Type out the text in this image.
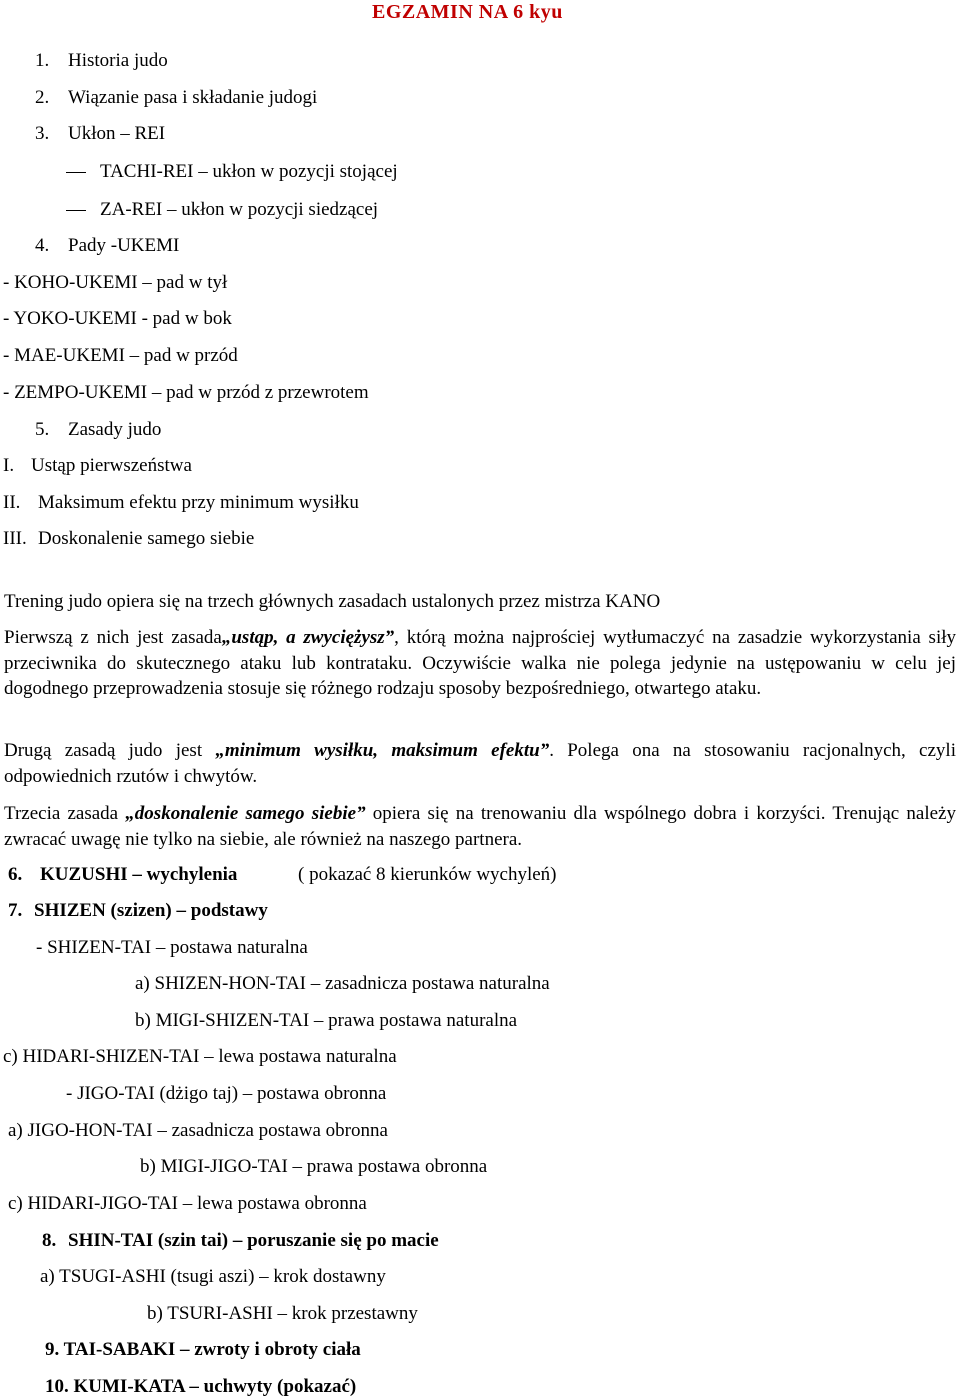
EGZAMIN NA 6 kyu
1. Historia judo
2. Wiązanie pasa i składanie judogi
3. Ukłon – REI
TACHI-REI – ukłon w pozycji stojącej
ZA-REI – ukłon w pozycji siedzącej
4. Pady -UKEMI
- KOHO-UKEMI – pad w tył
- YOKO-UKEMI - pad w bok
- MAE-UKEMI – pad w przód
- ZEMPO-UKEMI – pad w przód z przewrotem
5. Zasady judo
I. Ustąp pierwszeństwa
II. Maksimum efektu przy minimum wysiłku
III. Doskonalenie samego siebie
Trening judo opiera się na trzech głównych zasadach ustalonych przez mistrza KANO
Pierwszą z nich jest zasada„ustąp, a zwyciężysz”, którą można najprościej wytłumaczyć na zasadzie wykorzystania siły przeciwnika do skutecznego ataku lub kontrataku. Oczywiście walka nie polega jedynie na ustępowaniu w celu jej dogodnego przeprowadzenia stosuje się różnego rodzaju sposoby bezpośredniego, otwartego ataku.
Drugą zasadą judo jest „minimum wysiłku, maksimum efektu”. Polega ona na stosowaniu racjonalnych, czyli odpowiednich rzutów i chwytów.
Trzecia zasada „doskonalenie samego siebie” opiera się na trenowaniu dla wspólnego dobra i korzyści. Trenując należy zwracać uwagę nie tylko na siebie, ale również na naszego partnera.
6. KUZUSHI – wychylenia	( pokazać 8 kierunków wychyleń)
7. SHIZEN (szizen) – podstawy
- SHIZEN-TAI – postawa naturalna
a) SHIZEN-HON-TAI – zasadnicza postawa naturalna
b) MIGI-SHIZEN-TAI – prawa postawa naturalna
c) HIDARI-SHIZEN-TAI – lewa postawa naturalna
- JIGO-TAI (dżigo taj) – postawa obronna
a) JIGO-HON-TAI – zasadnicza postawa obronna
b) MIGI-JIGO-TAI – prawa postawa obronna
c) HIDARI-JIGO-TAI – lewa postawa obronna
8. SHIN-TAI (szin tai) – poruszanie się po macie
a) TSUGI-ASHI (tsugi aszi) – krok dostawny
b) TSURI-ASHI – krok przestawny
9. TAI-SABAKI – zwroty i obroty ciała
10. KUMI-KATA – uchwyty (pokazać)
